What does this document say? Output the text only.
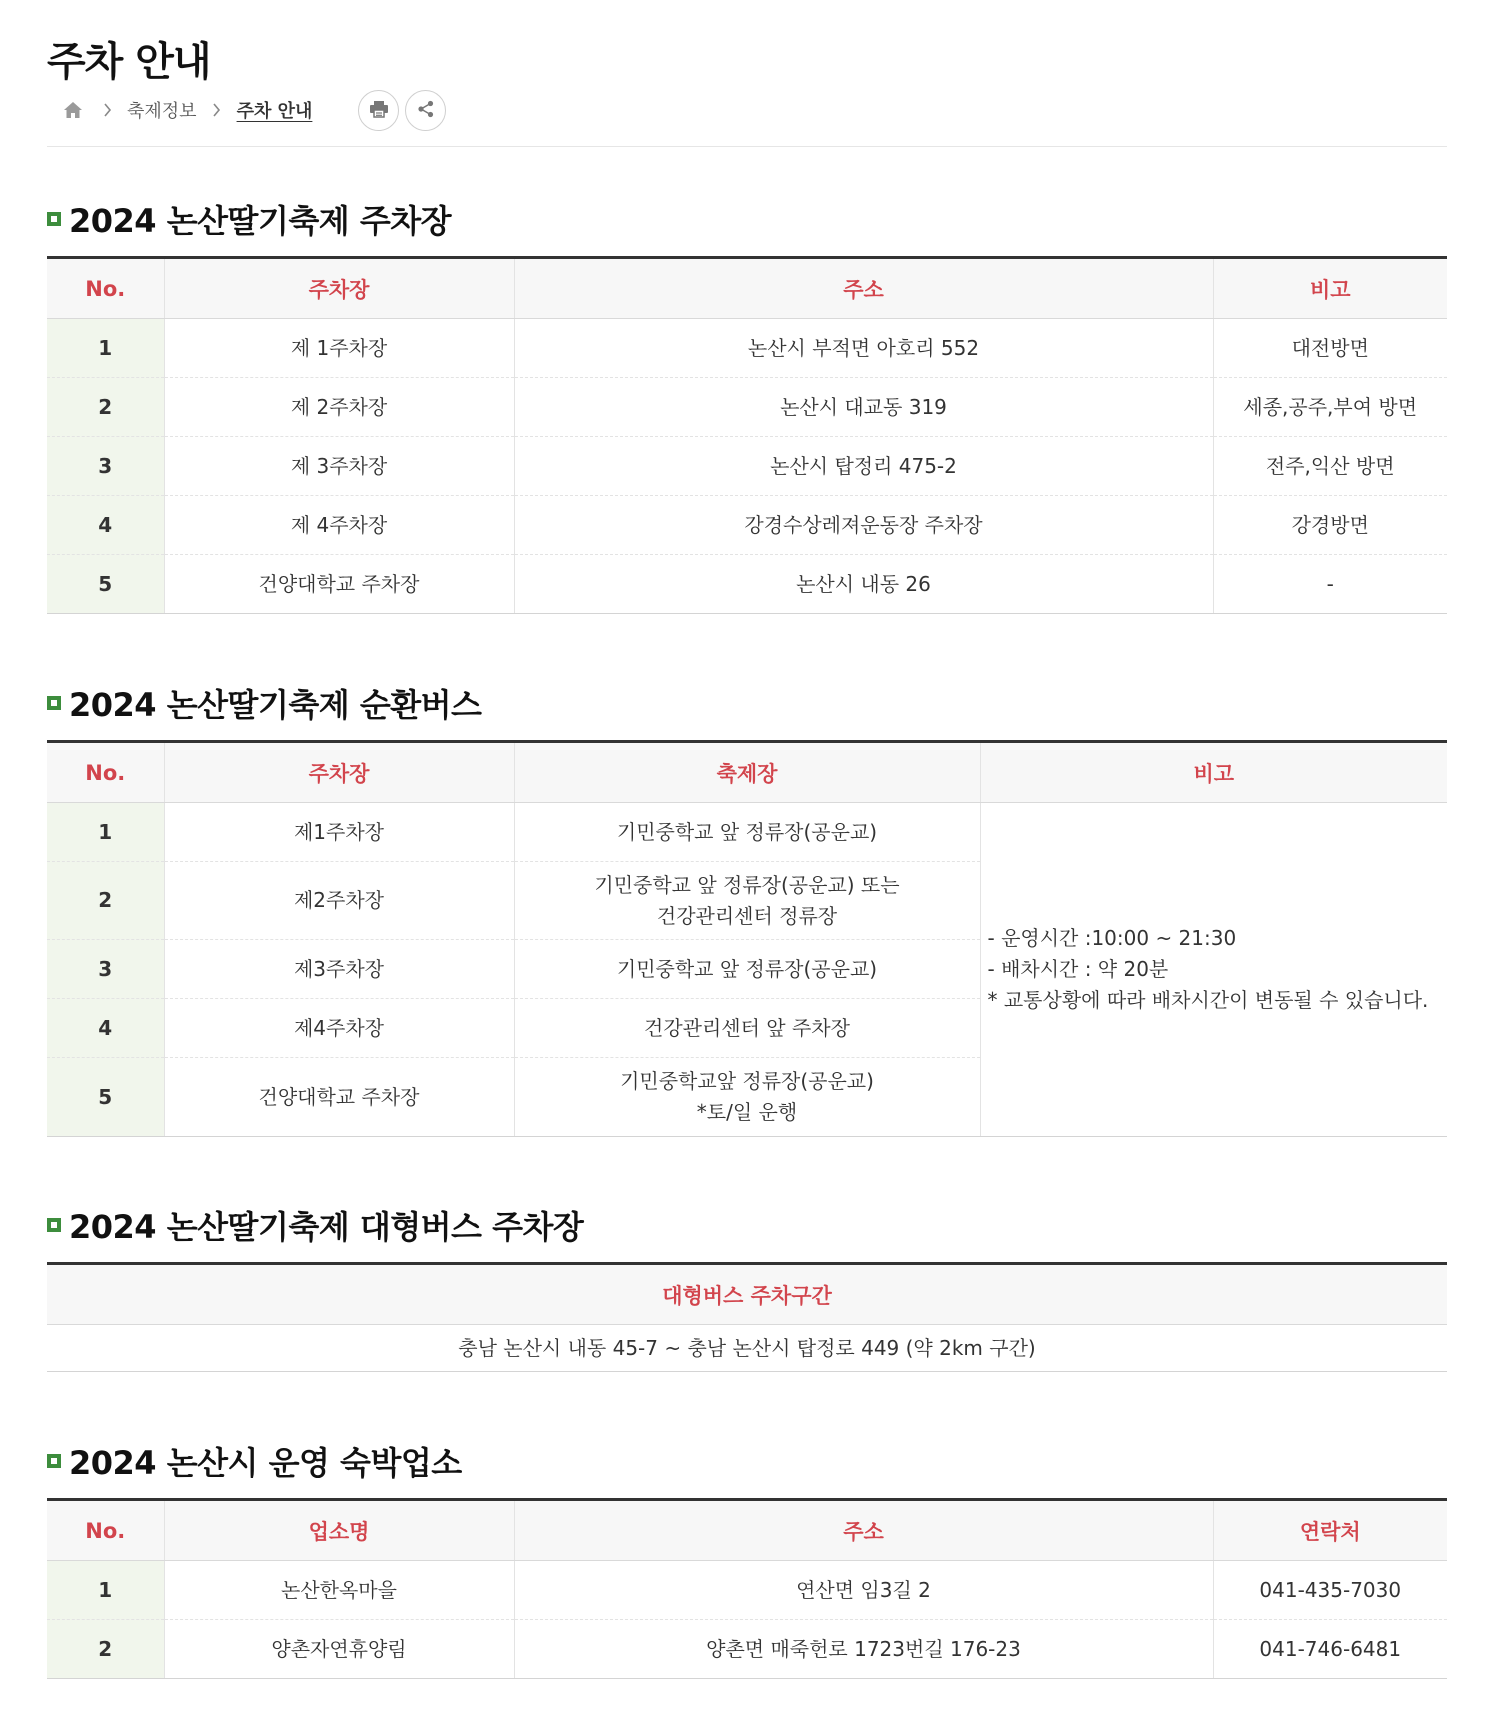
주차 안내
축제정보 주차 안내
2024 논산딸기축제 주차장
No.	주차장	주소	비고
1	제 1주차장	논산시 부적면 아호리 552	대전방면
2	제 2주차장	논산시 대교동 319	세종,공주,부여 방면
3	제 3주차장	논산시 탑정리 475-2	전주,익산 방면
4	제 4주차장	강경수상레져운동장 주차장	강경방면
5	건양대학교 주차장	논산시 내동 26	-
2024 논산딸기축제 순환버스
No.	주차장	축제장	비고
1	제1주차장	기민중학교 앞 정류장(공운교)	- 운영시간 :10:00 ~ 21:30
- 배차시간 : 약 20분
* 교통상황에 따라 배차시간이 변동될 수 있습니다.

2	제2주차장	기민중학교 앞 정류장(공운교) 또는
건강관리센터 정류장	

3	제3주차장	기민중학교 앞 정류장(공운교)	
4	제4주차장	건강관리센터 앞 주차장	
5	건양대학교 주차장	기민중학교앞 정류장(공운교)
*토/일 운행	
2024 논산딸기축제 대형버스 주차장
대형버스 주차구간
충남 논산시 내동 45-7 ~ 충남 논산시 탑정로 449 (약 2km 구간)
2024 논산시 운영 숙박업소
No.	업소명	주소	연락처
1	논산한옥마을	연산면 임3길 2	041-435-7030
2	양촌자연휴양림	양촌면 매죽헌로 1723번길 176-23	041-746-6481
